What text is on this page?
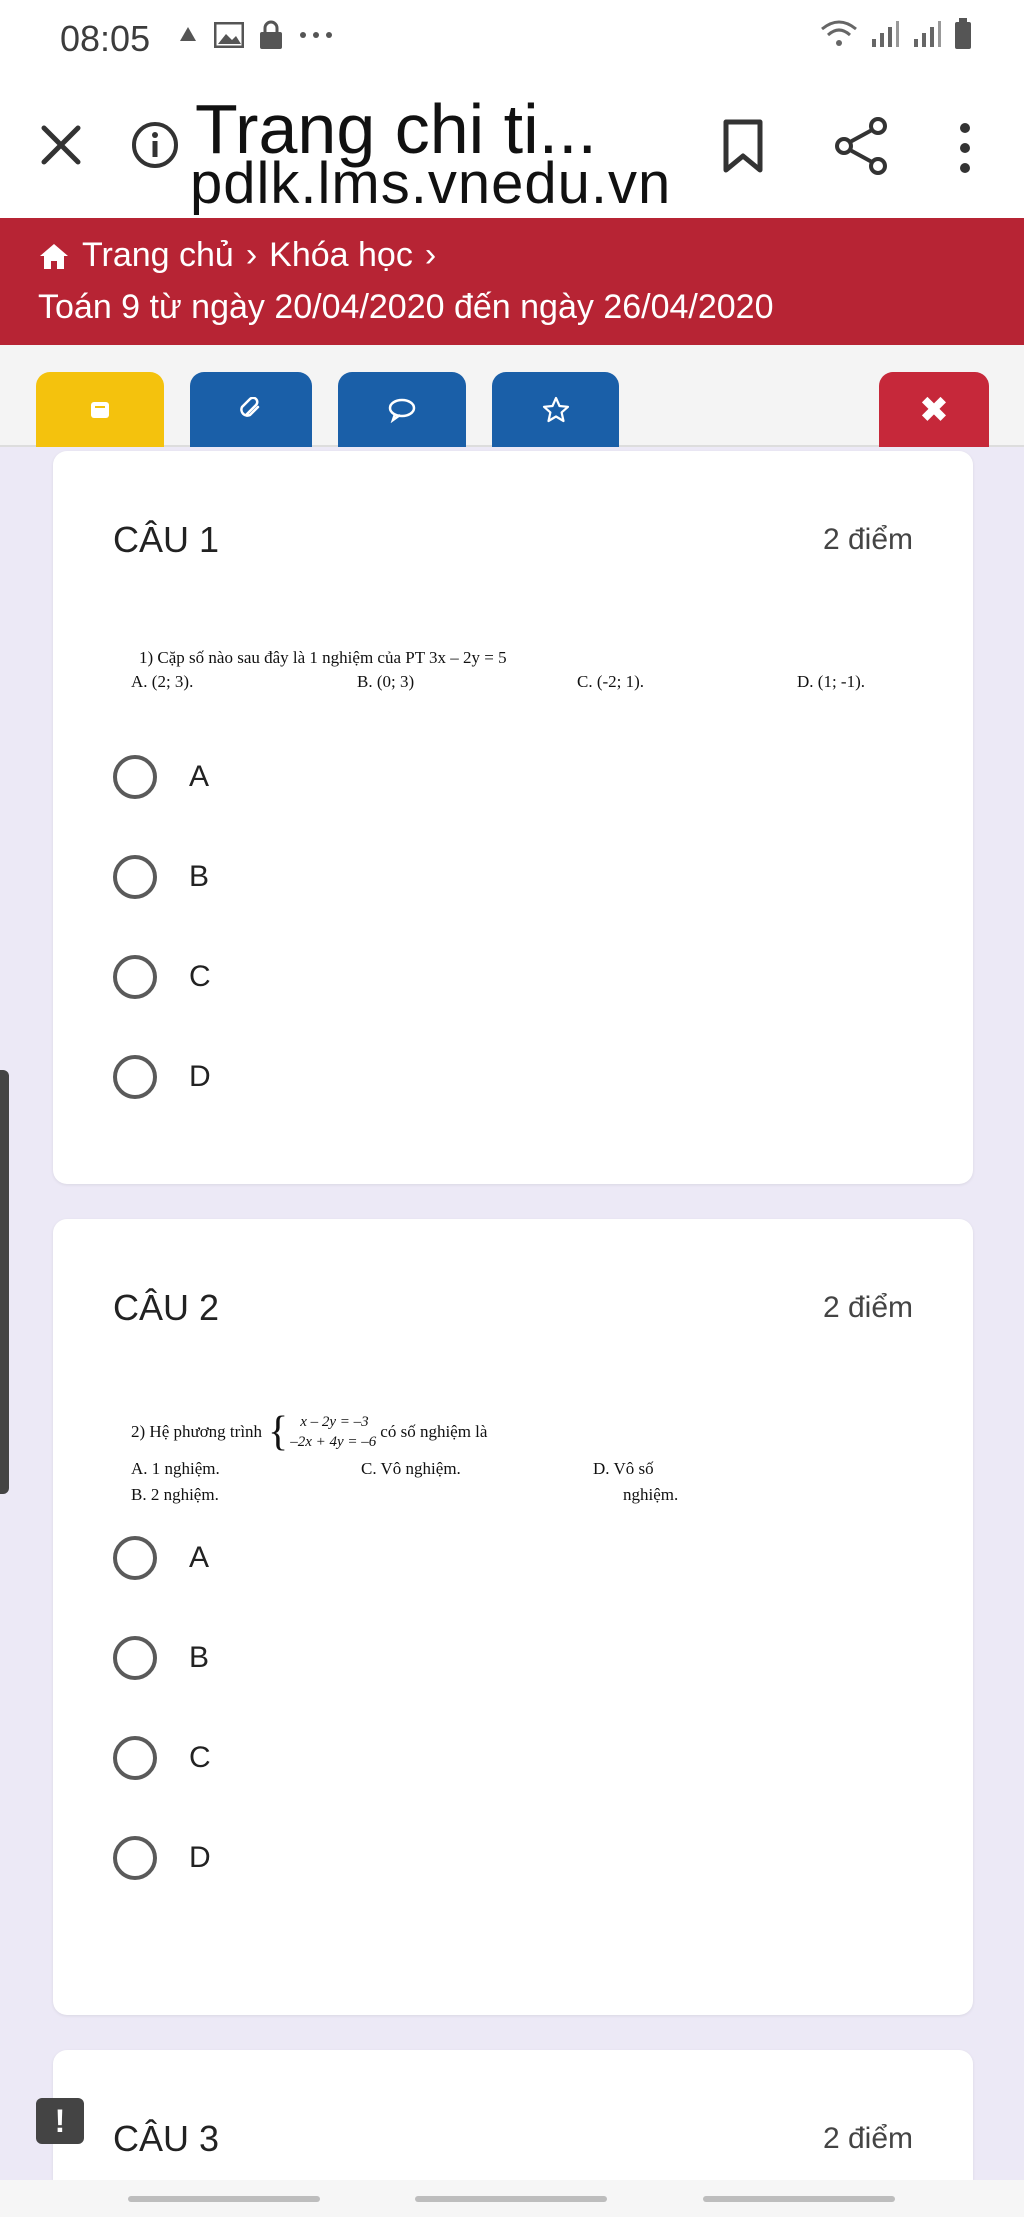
08:05
Trang chi ti...
pdlk.lms.vnedu.vn
Trang chủ › Khóa học ›
Toán 9 từ ngày 20/04/2020 đến ngày 26/04/2020
✖
CÂU 1	2 điểm
1) Cặp số nào sau đây là 1 nghiệm của PT 3x – 2y = 5
A. (2; 3).	B. (0; 3)	C. (-2; 1).	D. (1; -1).
A
B
C
D
CÂU 2	2 điểm
2) Hệ phương trình { x – 2y = –3
–2x + 4y = –6
có số nghiệm là
A. 1 nghiệm.	C. Vô nghiệm.	D. Vô số
B. 2 nghiệm.	nghiệm.
A
B
C
D
CÂU 3	2 điểm
!
